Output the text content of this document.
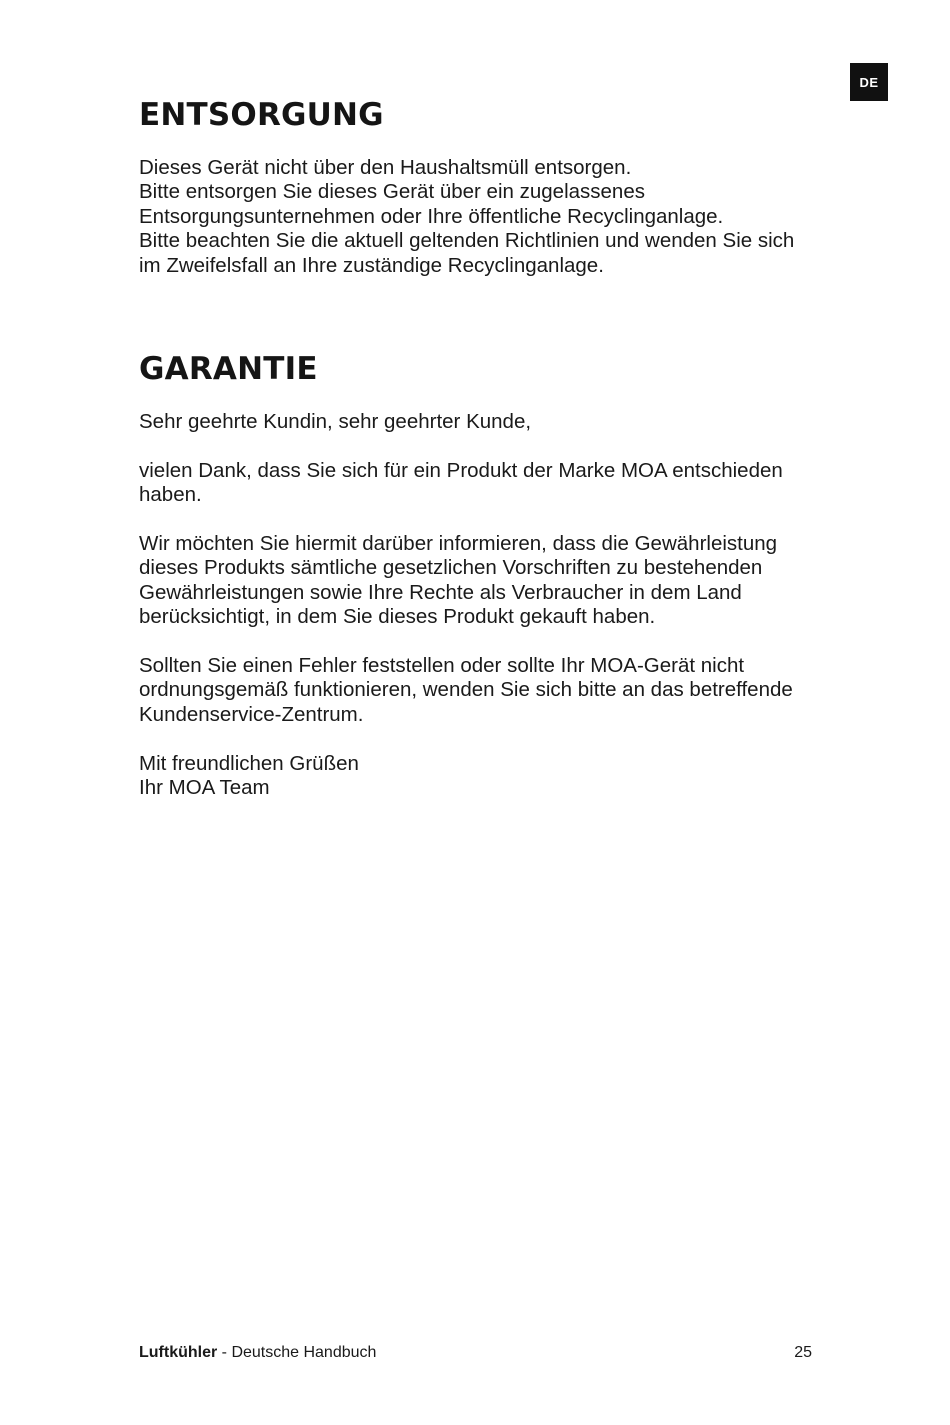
DE
ENTSORGUNG

Dieses Gerät nicht über den Haushaltsmüll entsorgen.
Bitte entsorgen Sie dieses Gerät über ein zugelassenes
Entsorgungsunternehmen oder Ihre öffentliche Recyclinganlage.
Bitte beachten Sie die aktuell geltenden Richtlinien und wenden Sie sich
im Zweifelsfall an Ihre zuständige Recyclinganlage.

GARANTIE

Sehr geehrte Kundin, sehr geehrter Kunde,

vielen Dank, dass Sie sich für ein Produkt der Marke MOA entschieden
haben.

Wir möchten Sie hiermit darüber informieren, dass die Gewährleistung
dieses Produkts sämtliche gesetzlichen Vorschriften zu bestehenden
Gewährleistungen sowie Ihre Rechte als Verbraucher in dem Land
berücksichtigt, in dem Sie dieses Produkt gekauft haben.

Sollten Sie einen Fehler feststellen oder sollte Ihr MOA-Gerät nicht
ordnungsgemäß funktionieren, wenden Sie sich bitte an das betreffende
Kundenservice-Zentrum.

Mit freundlichen Grüßen
Ihr MOA Team

Luftkühler - Deutsche Handbuch	25
